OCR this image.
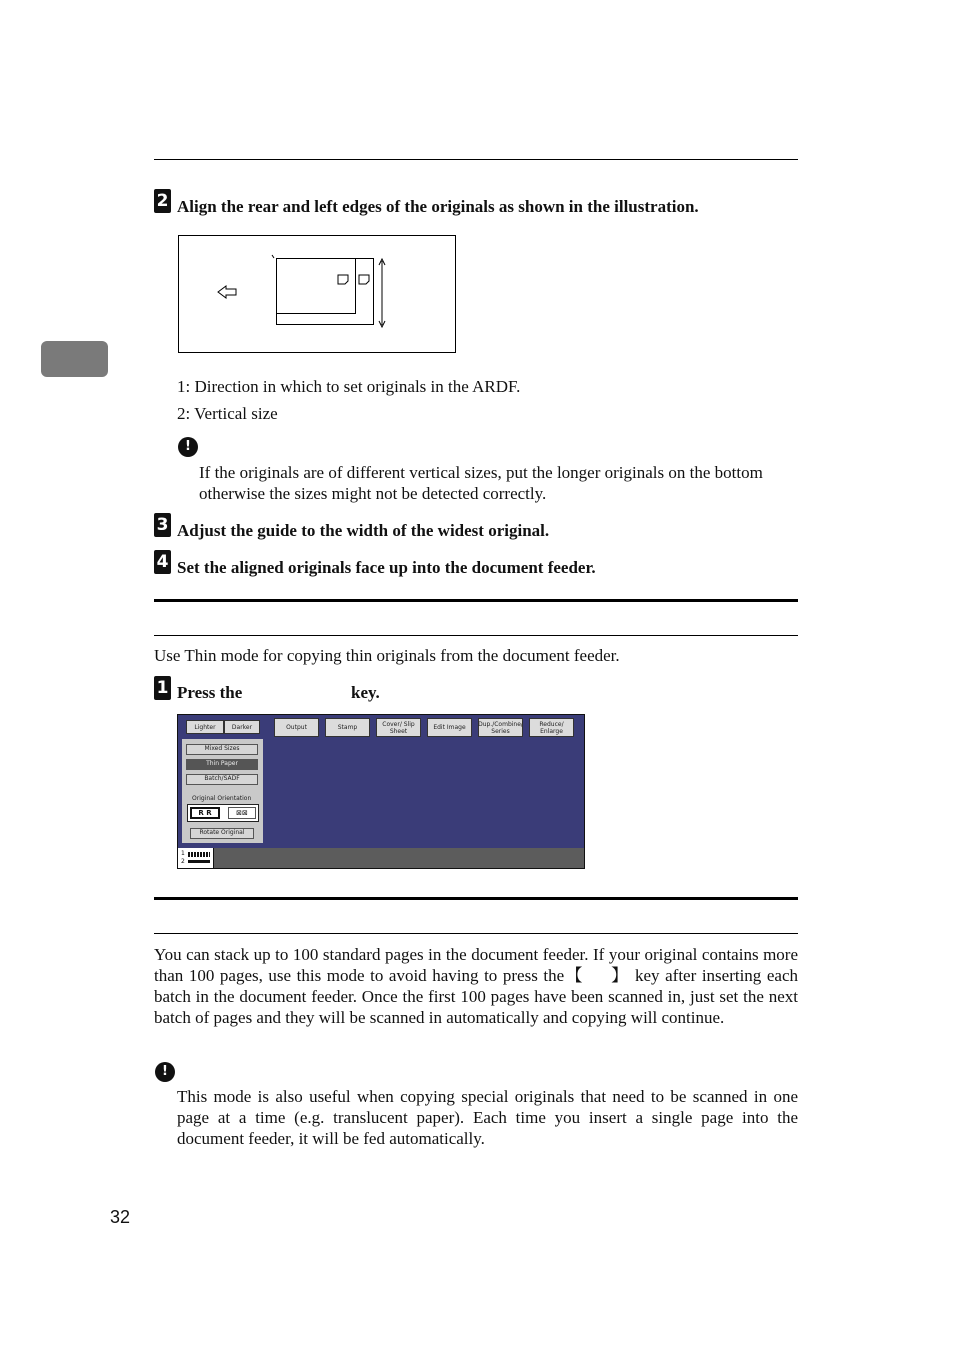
2 Align the rear and left edges of the originals as shown in the illustration.
1: Direction in which to set originals in the ARDF.
2: Vertical size
!
If the originals are of different vertical sizes, put the longer originals on the bottom otherwise the sizes might not be detected correctly.
3 Adjust the guide to the width of the widest original.
4 Set the aligned originals face up into the document feeder.
Use Thin mode for copying thin originals from the document feeder.
1 Press the	key.
Lighter	Darker
Mixed Sizes
Thin Paper
Batch/SADF
Original Orientation
R R	⊠⊠
Rotate Original
Output	Stamp	Cover/ Slip Sheet	Edit Image	Dup./Combine/ Series
Reduce/ Enlarge
1
2
You can stack up to 100 standard pages in the document feeder. If your original contains more than 100 pages, use this mode to avoid having to press the【 】 key after inserting each batch in the document feeder. Once the first 100 pages have been scanned in, just set the next batch of pages and they will be scanned in automatically and copying will continue.
!
This mode is also useful when copying special originals that need to be scanned in one page at a time (e.g. translucent paper). Each time you insert a single page into the document feeder, it will be fed automatically.
32
